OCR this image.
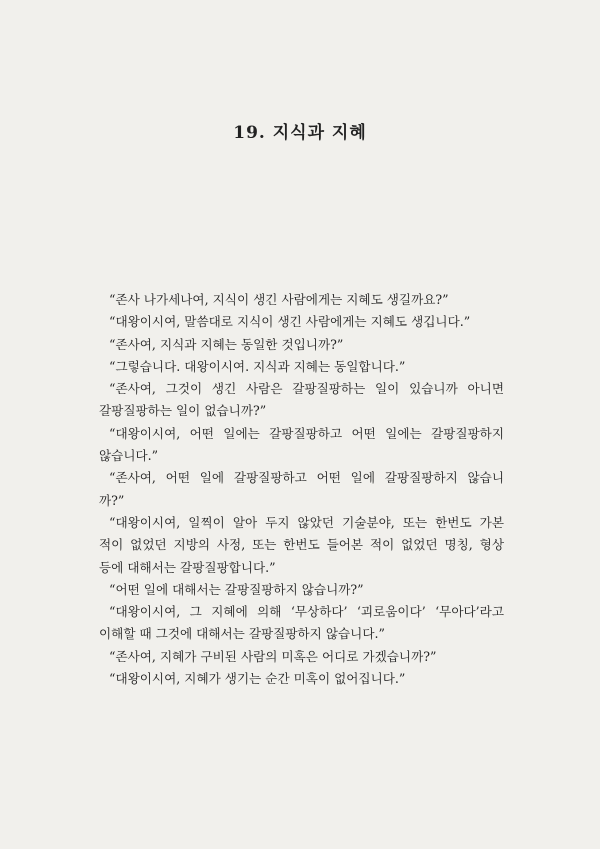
19. 지식과 지혜
“존사 나가세나여, 지식이 생긴 사람에게는 지혜도 생길까요?”
“대왕이시여, 말씀대로 지식이 생긴 사람에게는 지혜도 생깁니다.”
“존사여, 지식과 지혜는 동일한 것입니까?”
“그렇습니다. 대왕이시여. 지식과 지혜는 동일합니다.”
“존사여, 그것이 생긴 사람은 갈팡질팡하는 일이 있습니까 아니면
갈팡질팡하는 일이 없습니까?”
“대왕이시여, 어떤 일에는 갈팡질팡하고 어떤 일에는 갈팡질팡하지
않습니다.”
“존사여, 어떤 일에 갈팡질팡하고 어떤 일에 갈팡질팡하지 않습니
까?”
“대왕이시여, 일찍이 알아 두지 않았던 기술분야, 또는 한번도 가본
적이 없었던 지방의 사정, 또는 한번도 들어본 적이 없었던 명칭, 형상
등에 대해서는 갈팡질팡합니다.”
“어떤 일에 대해서는 갈팡질팡하지 않습니까?”
“대왕이시여, 그 지혜에 의해 ‘무상하다’ ‘괴로움이다’ ‘무아다’라고
이해할 때 그것에 대해서는 갈팡질팡하지 않습니다.”
“존사여, 지혜가 구비된 사람의 미혹은 어디로 가겠습니까?”
“대왕이시여, 지혜가 생기는 순간 미혹이 없어집니다.”
